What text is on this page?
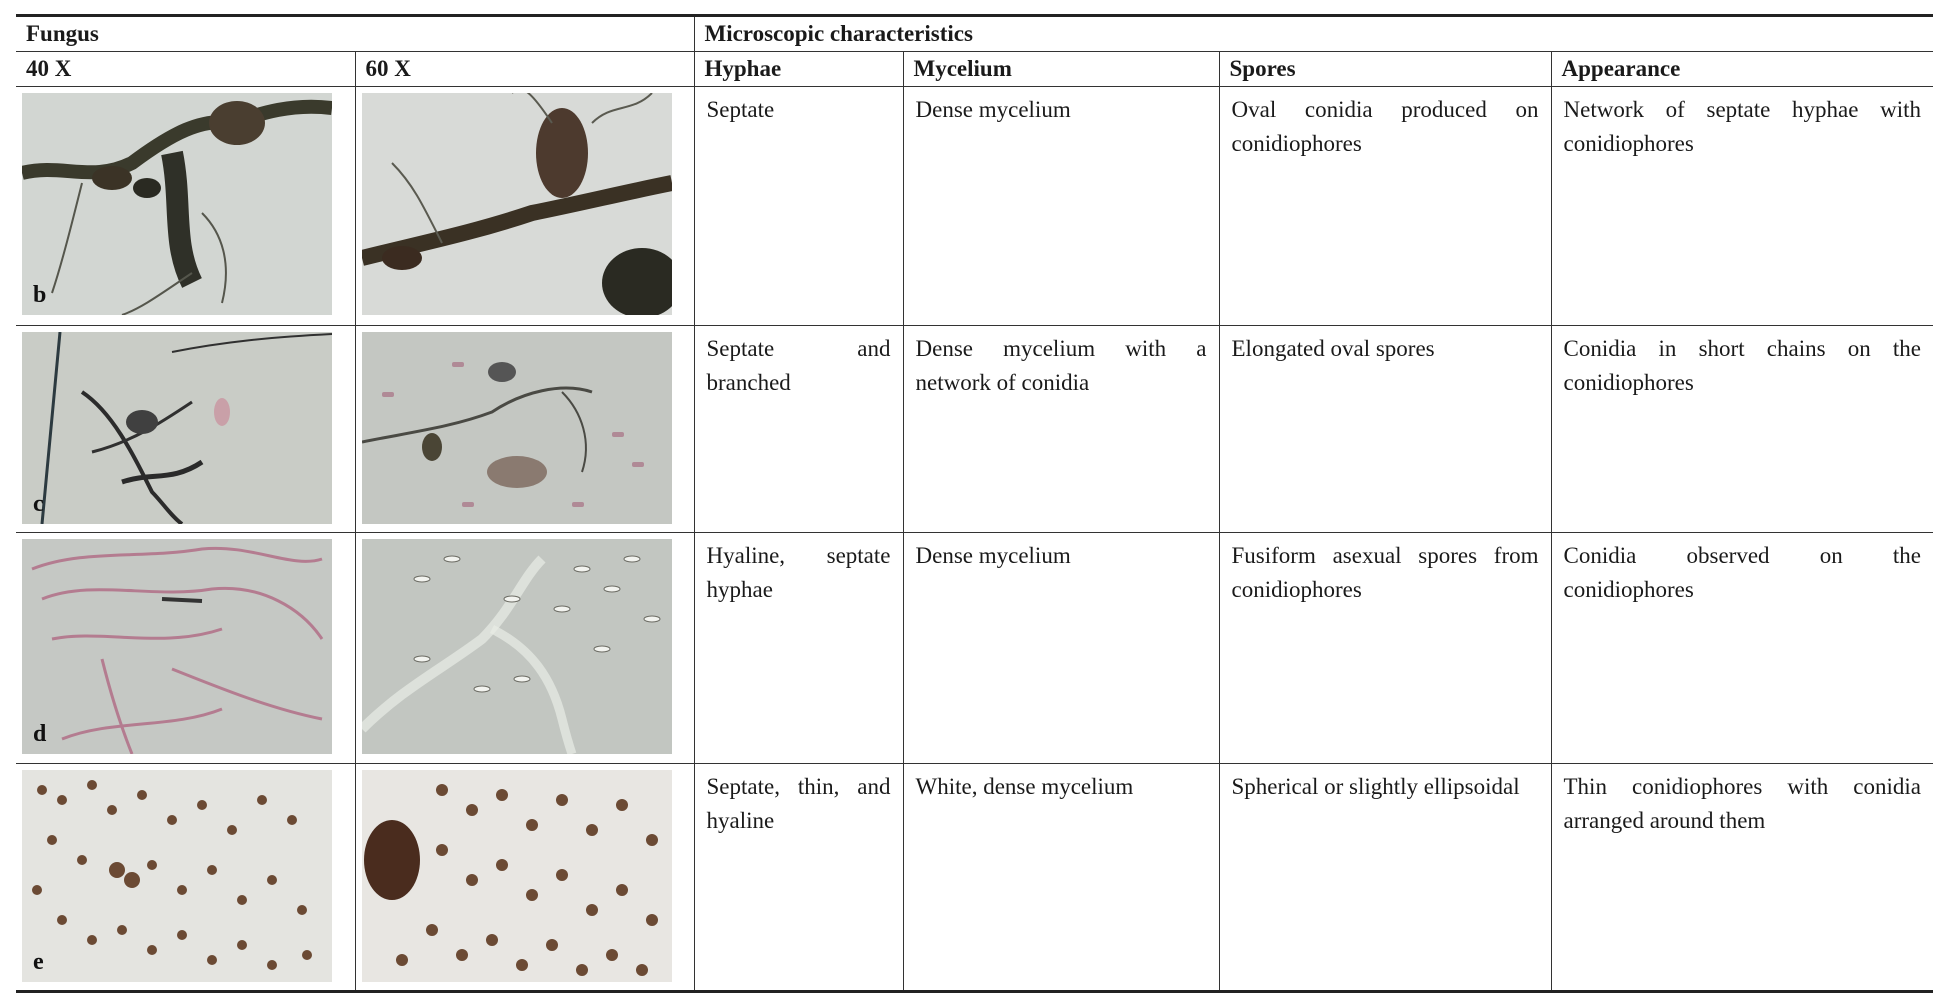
Fungus		Microscopic characteristics			
40 X	60 X	Hyphae	Mycelium	Spores	Appearance

b		Septate	Dense mycelium	Oval conidia produced on conidiophores	Network of septate hyphae with conidiophores

c		Septate and branched	Dense mycelium with a network of conidia	Elongated oval spores	Conidia in short chains on the conidiophores

d		Hyaline, septate hyphae	Dense mycelium	Fusiform asexual spores from conidiophores	Conidia observed on the conidiophores

e		Septate, thin, and hyaline	White, dense mycelium	Spherical or slightly ellipsoidal	Thin conidiophores with conidia arranged around them
